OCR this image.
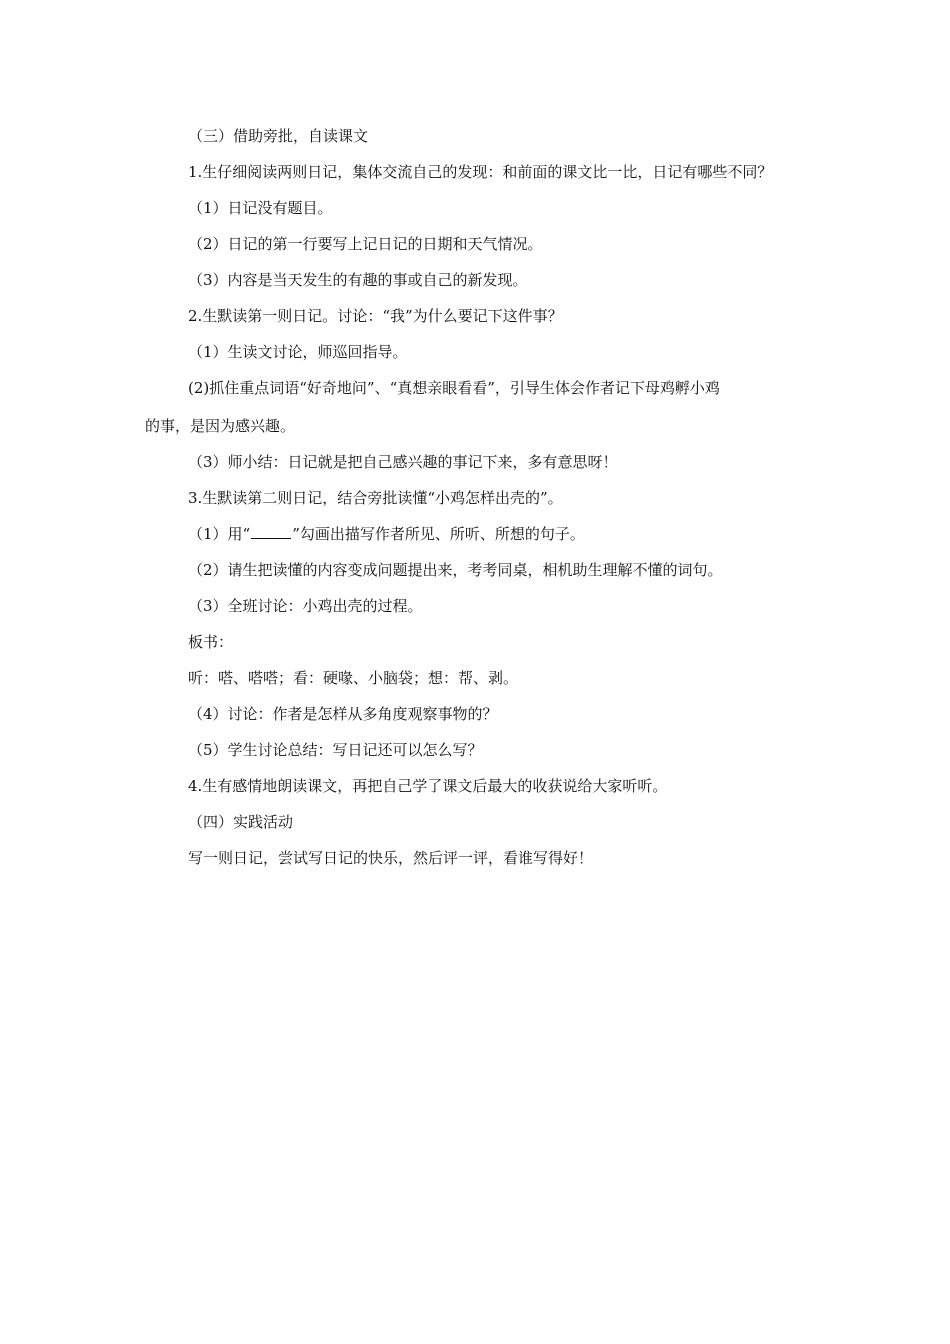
（三）借助旁批，自读课文
1.生仔细阅读两则日记，集体交流自己的发现：和前面的课文比一比，日记有哪些不同？
（1）日记没有题目。
（2）日记的第一行要写上记日记的日期和天气情况。
（3）内容是当天发生的有趣的事或自己的新发现。
2.生默读第一则日记。讨论：“我”为什么要记下这件事？
（1）生读文讨论，师巡回指导。
(2)抓住重点词语“好奇地问”、“真想亲眼看看”，引导生体会作者记下母鸡孵小鸡
的事，是因为感兴趣。
（3）师小结：日记就是把自己感兴趣的事记下来，多有意思呀！
3.生默读第二则日记，结合旁批读懂“小鸡怎样出壳的”。
（1）用“	”勾画出描写作者所见、所听、所想的句子。
（2）请生把读懂的内容变成问题提出来，考考同桌，相机助生理解不懂的词句。
（3）全班讨论：小鸡出壳的过程。
板书：
听：嗒、嗒嗒；看：硬喙、小脑袋；想：帮、剥。
（4）讨论：作者是怎样从多角度观察事物的？
（5）学生讨论总结：写日记还可以怎么写？
4.生有感情地朗读课文，再把自己学了课文后最大的收获说给大家听听。
（四）实践活动
写一则日记，尝试写日记的快乐，然后评一评，看谁写得好！
